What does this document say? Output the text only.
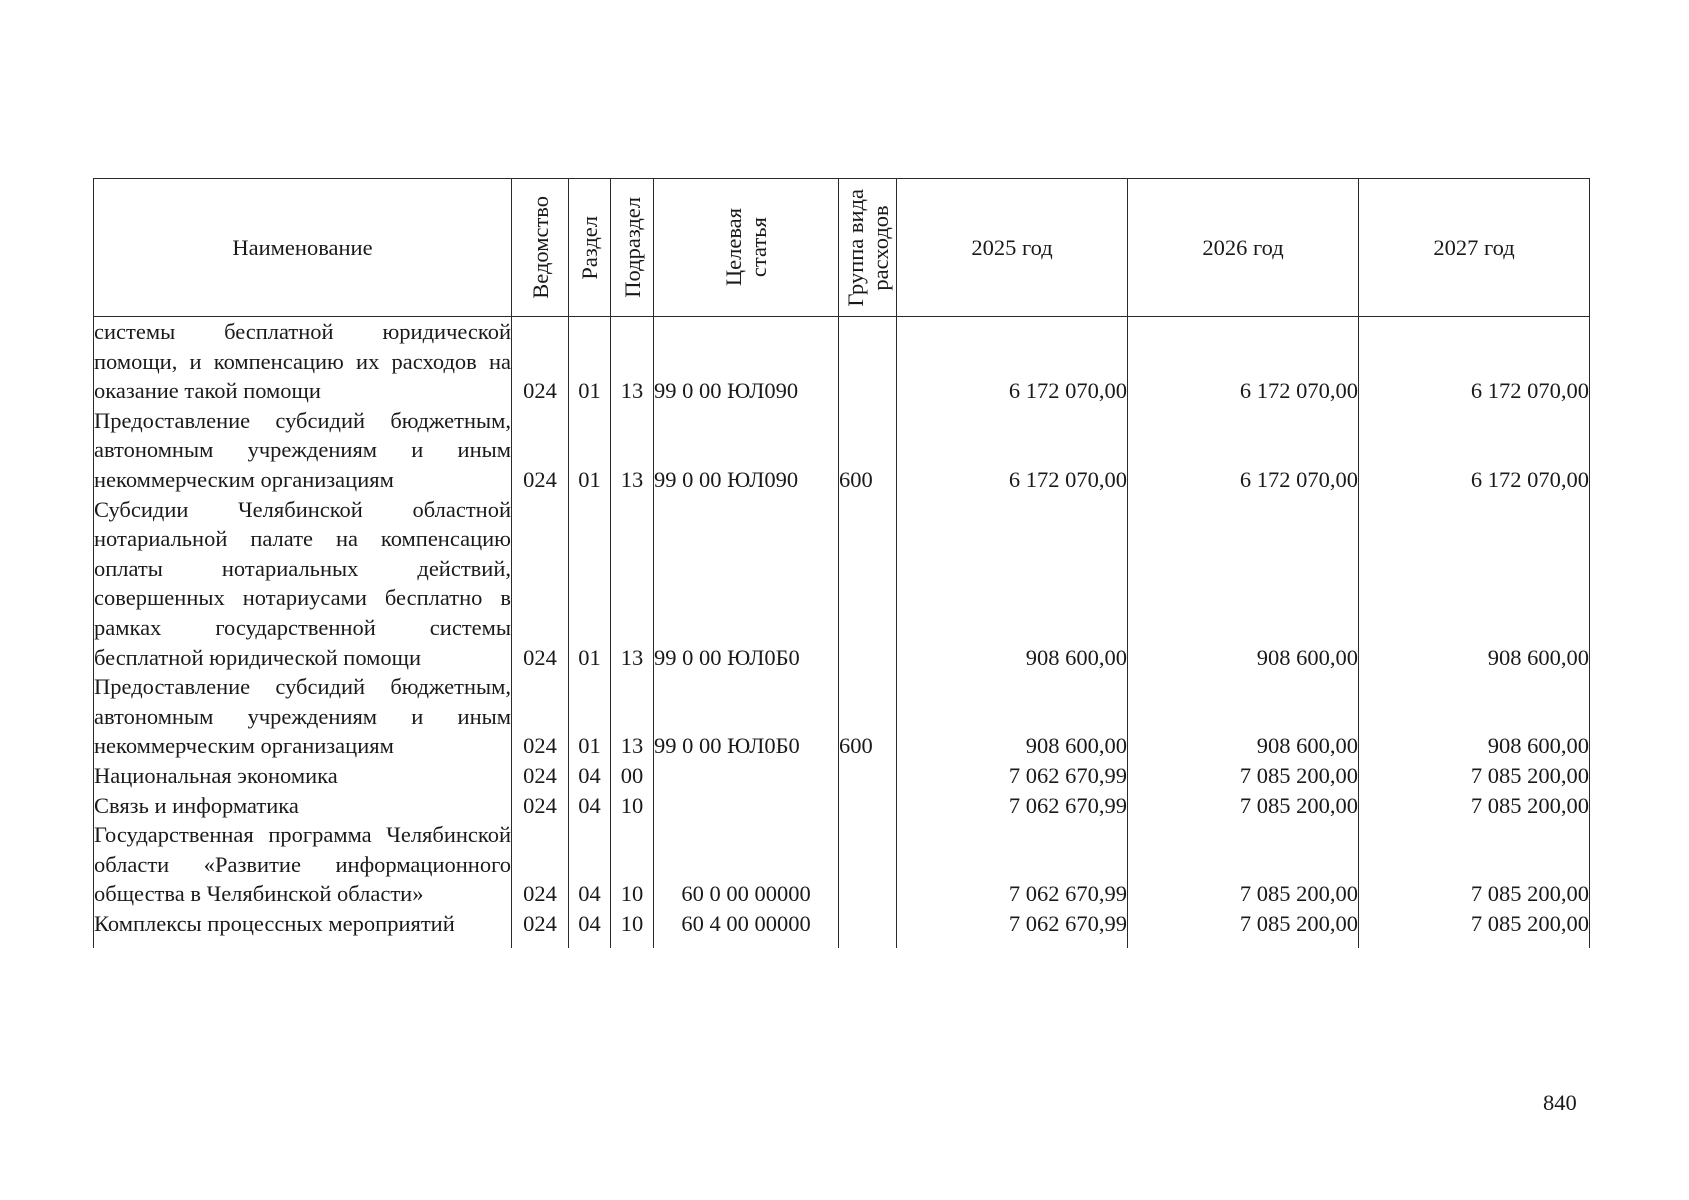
Наименование	Ведомство	Раздел	Подраздел	Целевая статья	Группа вида расходов	2025 год	2026 год	2027 год
системы бесплатной юридической помощи, и компенсацию их расходов на оказание такой помощи	024	01	13	99 0 00 ЮЛ090		6 172 070,00	6 172 070,00	6 172 070,00
Предоставление субсидий бюджетным, автономным учреждениям и иным некоммерческим организациям	024	01	13	99 0 00 ЮЛ090	600	6 172 070,00	6 172 070,00	6 172 070,00
Субсидии Челябинской областной нотариальной палате на компенсацию оплаты нотариальных действий, совершенных нотариусами бесплатно в рамках государственной системы бесплатной юридической помощи	024	01	13	99 0 00 ЮЛ0Б0		908 600,00	908 600,00	908 600,00
Предоставление субсидий бюджетным, автономным учреждениям и иным некоммерческим организациям	024	01	13	99 0 00 ЮЛ0Б0	600	908 600,00	908 600,00	908 600,00
Национальная экономика	024	04	00			7 062 670,99	7 085 200,00	7 085 200,00
Связь и информатика	024	04	10			7 062 670,99	7 085 200,00	7 085 200,00
Государственная программа Челябинской области «Развитие информационного общества в Челябинской области»	024	04	10	60 0 00 00000		7 062 670,99	7 085 200,00	7 085 200,00
Комплексы процессных мероприятий	024	04	10	60 4 00 00000		7 062 670,99	7 085 200,00	7 085 200,00

840
